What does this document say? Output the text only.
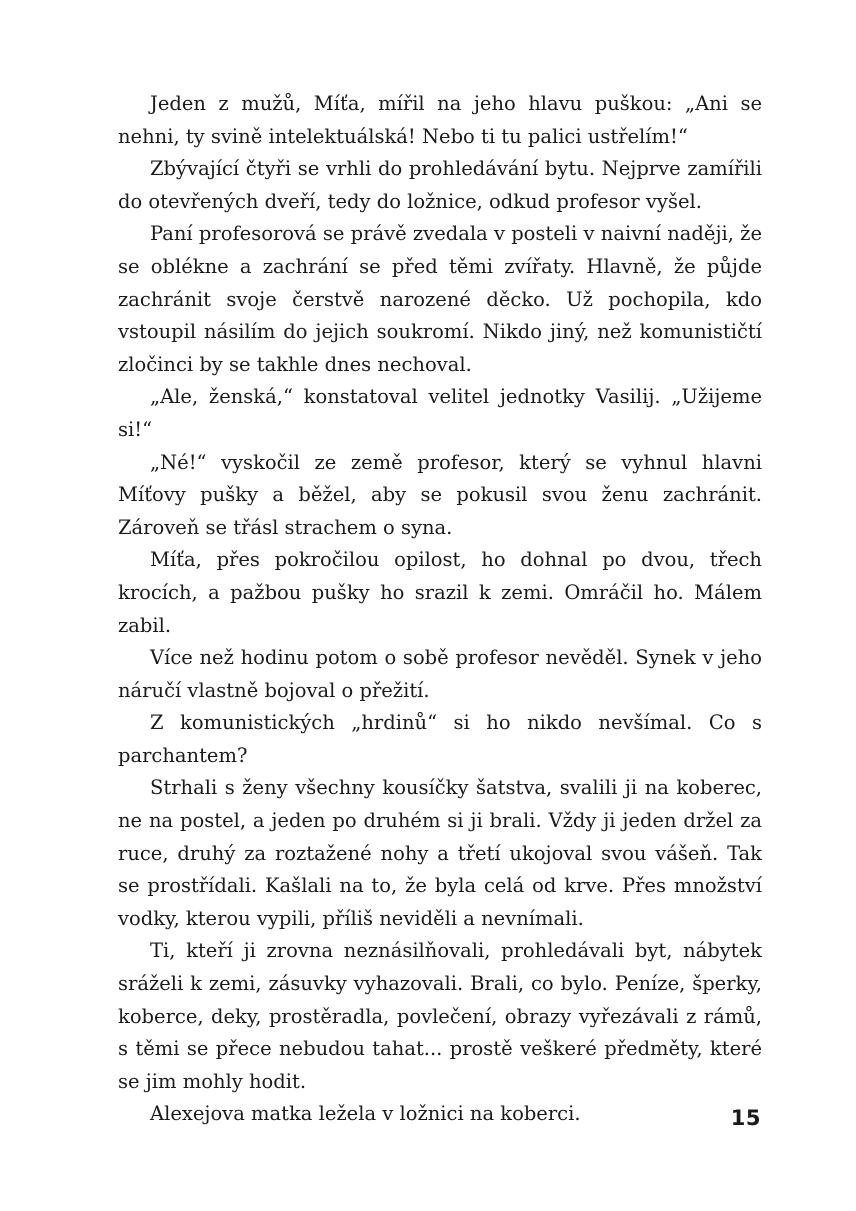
Jeden z mužů, Míťa, mířil na jeho hlavu puškou: „Ani se nehni, ty svině intelektuálská! Nebo ti tu palici ustřelím!“

Zbývající čtyři se vrhli do prohledávání bytu. Nejprve zamířili do otevřených dveří, tedy do ložnice, odkud profesor vyšel.

Paní profesorová se právě zvedala v posteli v naivní naději, že se oblékne a zachrání se před těmi zvířaty. Hlavně, že půjde zachránit svoje čerstvě narozené děcko. Už pochopila, kdo vstoupil násilím do jejich soukromí. Nikdo jiný, než komunističtí zločinci by se takhle dnes nechoval.

„Ale, ženská,“ konstatoval velitel jednotky Vasilij. „Užijeme si!“

„Né!“ vyskočil ze země profesor, který se vyhnul hlavni Míťovy pušky a běžel, aby se pokusil svou ženu zachránit. Zároveň se třásl strachem o syna.

Míťa, přes pokročilou opilost, ho dohnal po dvou, třech krocích, a pažbou pušky ho srazil k zemi. Omráčil ho. Málem zabil.

Více než hodinu potom o sobě profesor nevěděl. Synek v jeho náručí vlastně bojoval o přežití.

Z komunistických „hrdinů“ si ho nikdo nevšímal. Co s parchantem?

Strhali s ženy všechny kousíčky šatstva, svalili ji na koberec, ne na postel, a jeden po druhém si ji brali. Vždy ji jeden držel za ruce, druhý za roztažené nohy a třetí ukojoval svou vášeň. Tak se prostřídali. Kašlali na to, že byla celá od krve. Přes množství vodky, kterou vypili, příliš neviděli a nevnímali.

Ti, kteří ji zrovna neznásilňovali, prohledávali byt, nábytek sráželi k zemi, zásuvky vyhazovali. Brali, co bylo. Peníze, šperky, koberce, deky, prostěradla, povlečení, obrazy vyřezávali z rámů, s těmi se přece nebudou tahat... prostě veškeré předměty, které se jim mohly hodit.

Alexejova matka ležela v ložnici na koberci.	15
